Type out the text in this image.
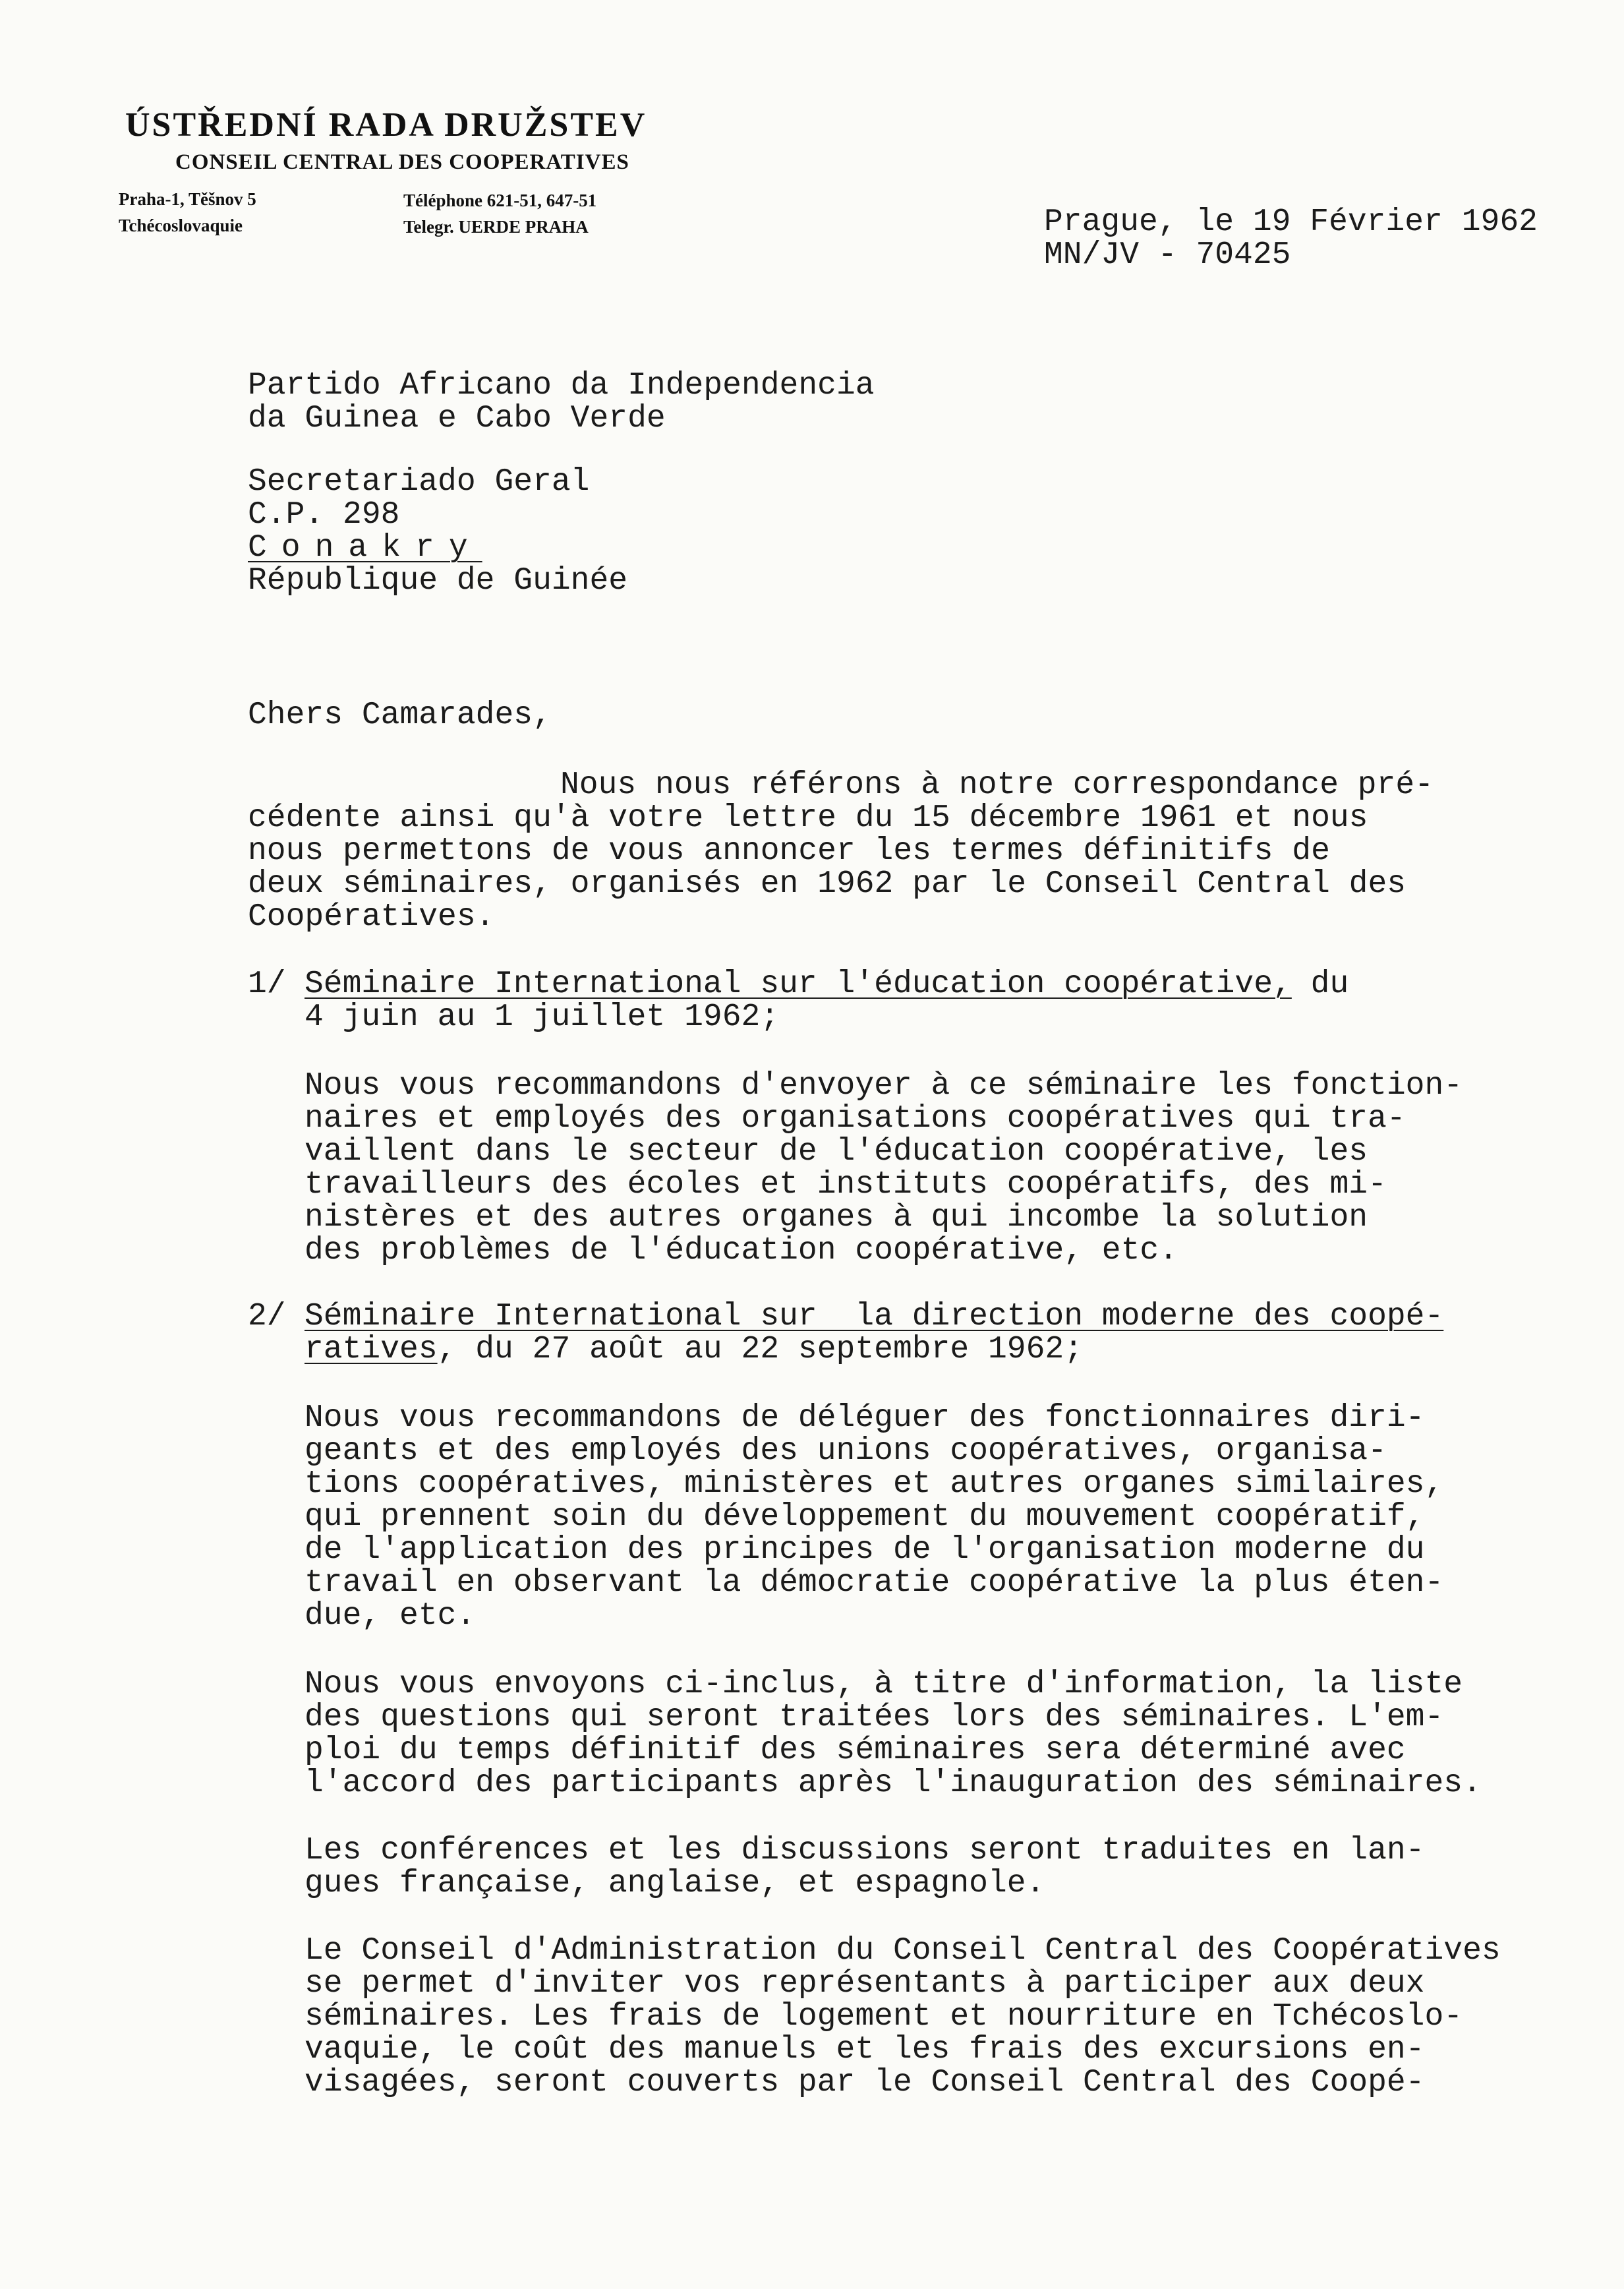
ÚSTŘEDNÍ RADA DRUŽSTEV
CONSEIL CENTRAL DES COOPERATIVES
Praha-1, Těšnov 5
Tchécoslovaquie
Téléphone 621-51, 647-51
Telegr. UERDE PRAHA	Prague, le 19 Février 1962
MN/JV - 70425
Partido Africano da Independencia
da Guinea e Cabo Verde
Secretariado Geral
C.P. 298
Conakry
République de Guinée
Chers Camarades,
Nous nous référons à notre correspondance pré-
cédente ainsi qu'à votre lettre du 15 décembre 1961 et nous
nous permettons de vous annoncer les termes définitifs de
deux séminaires, organisés en 1962 par le Conseil Central des
Coopératives.
1/ Séminaire International sur l'éducation coopérative, du
4 juin au 1 juillet 1962;
Nous vous recommandons d'envoyer à ce séminaire les fonction-
naires et employés des organisations coopératives qui tra-
vaillent dans le secteur de l'éducation coopérative, les
travailleurs des écoles et instituts coopératifs, des mi-
nistères et des autres organes à qui incombe la solution
des problèmes de l'éducation coopérative, etc.
2/ Séminaire International sur  la direction moderne des coopé-
ratives, du 27 août au 22 septembre 1962;
Nous vous recommandons de déléguer des fonctionnaires diri-
geants et des employés des unions coopératives, organisa-
tions coopératives, ministères et autres organes similaires,
qui prennent soin du développement du mouvement coopératif,
de l'application des principes de l'organisation moderne du
travail en observant la démocratie coopérative la plus éten-
due, etc.
Nous vous envoyons ci-inclus, à titre d'information, la liste
des questions qui seront traitées lors des séminaires. L'em-
ploi du temps définitif des séminaires sera déterminé avec
l'accord des participants après l'inauguration des séminaires.
Les conférences et les discussions seront traduites en lan-
gues française, anglaise, et espagnole.
Le Conseil d'Administration du Conseil Central des Coopératives
se permet d'inviter vos représentants à participer aux deux
séminaires. Les frais de logement et nourriture en Tchécoslo-
vaquie, le coût des manuels et les frais des excursions en-
visagées, seront couverts par le Conseil Central des Coopé-
